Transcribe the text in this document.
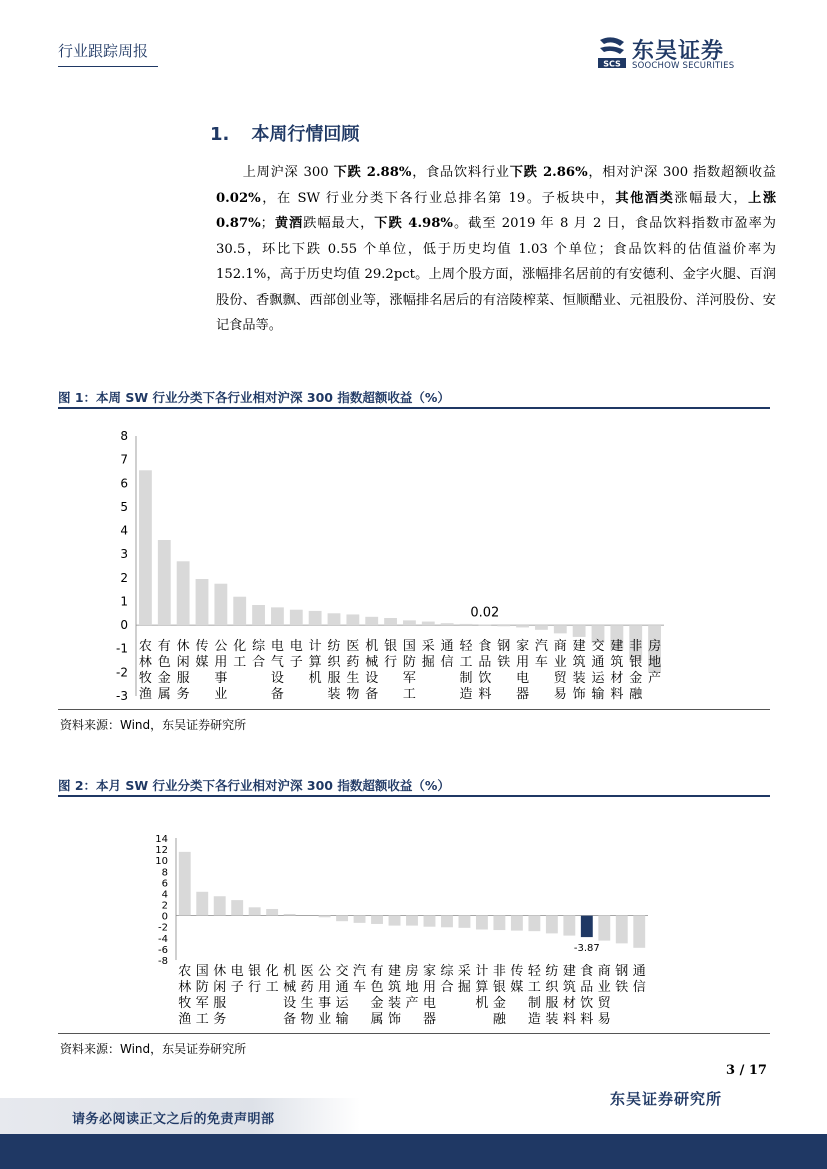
行业跟踪周报
SCS 东吴证券
SOOCHOW SECURITIES
1. 本周行情回顾
上周沪深 300 下跌 2.88%，食品饮料行业下跌 2.86%，相对沪深 300 指数超额收益 0.02%，在 SW 行业分类下各行业总排名第 19。子板块中，其他酒类涨幅最大，上涨 0.87%；黄酒跌幅最大，下跌 4.98%。截至 2019 年 8 月 2 日，食品饮料指数市盈率为 30.5，环比下跌 0.55 个单位，低于历史均值 1.03 个单位；食品饮料的估值溢价率为 152.1%，高于历史均值 29.2pct。上周个股方面，涨幅排名居前的有安德利、金字火腿、百润股份、香飘飘、西部创业等，涨幅排名居后的有涪陵榨菜、恒顺醋业、元祖股份、洋河股份、安记食品等。
图 1：本周 SW 行业分类下各行业相对沪深 300 指数超额收益（%）
8
7
6
5
4
3
2
1
0
-1
-2
-3
农林牧渔
有色金属
休闲服务
传媒
公用事业
化工
综合
电气设备
电子
计算机
纺织服装
医药生物
机械设备
银行
国防军工
采掘
通信
轻工制造
食品饮料
钢铁
家用电器
汽车
商业贸易
建筑装饰
交通运输
建筑材料
非银金融
房地产
0.02
资料来源：Wind，东吴证券研究所
图 2：本月 SW 行业分类下各行业相对沪深 300 指数超额收益（%）
14
12
10
8
6
4
2
0
-2
-4
-6
-8
农林牧渔
国防军工
休闲服务
电子
银行
化工
机械设备
医药生物
公用事业
交通运输
汽车
有色金属
建筑装饰
房地产
家用电器
综合
采掘
计算机
非银金融
传媒
轻工制造
纺织服装
建筑材料
食品饮料
商业贸易
钢铁
通信
-3.87
资料来源：Wind，东吴证券研究所
3 / 17
东吴证券研究所
请务必阅读正文之后的免责声明部
